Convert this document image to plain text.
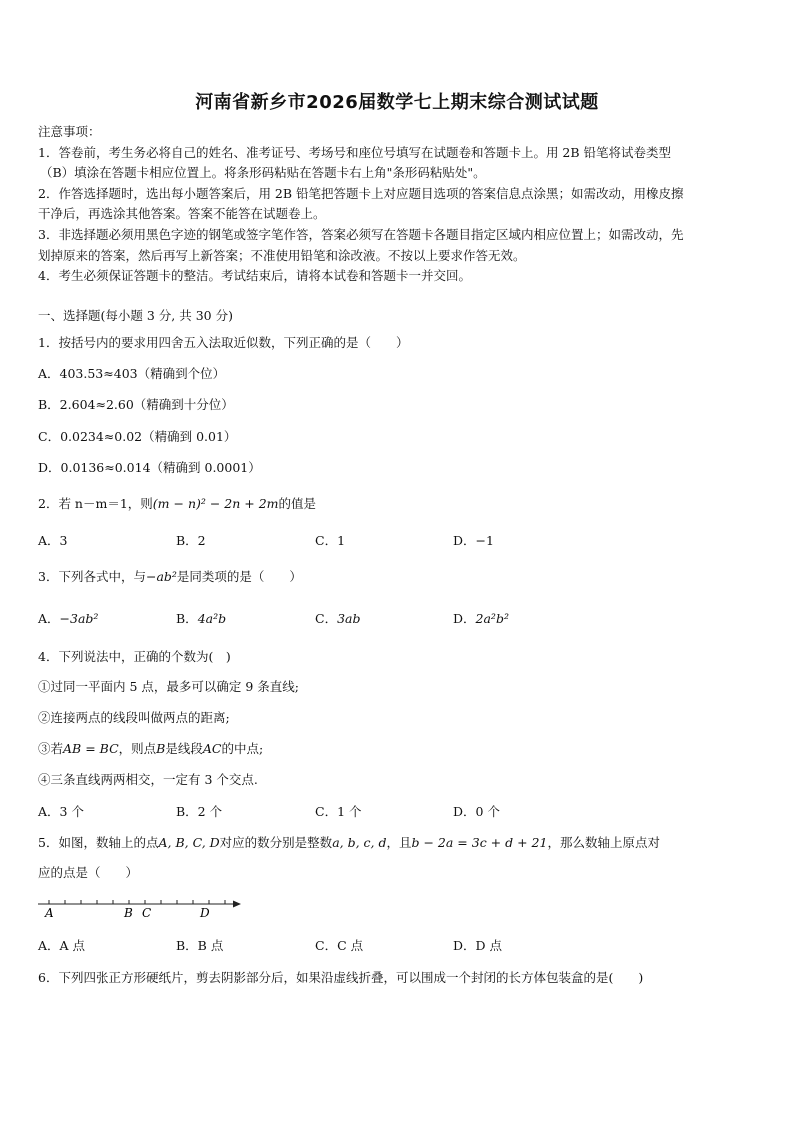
河南省新乡市2026届数学七上期末综合测试试题
注意事项：
1．答卷前，考生务必将自己的姓名、准考证号、考场号和座位号填写在试题卷和答题卡上。用 2B 铅笔将试卷类型
（B）填涂在答题卡相应位置上。将条形码粘贴在答题卡右上角"条形码粘贴处"。
2．作答选择题时，选出每小题答案后，用 2B 铅笔把答题卡上对应题目选项的答案信息点涂黑；如需改动，用橡皮擦
干净后，再选涂其他答案。答案不能答在试题卷上。
3．非选择题必须用黑色字迹的钢笔或签字笔作答，答案必须写在答题卡各题目指定区域内相应位置上；如需改动，先
划掉原来的答案，然后再写上新答案；不准使用铅笔和涂改液。不按以上要求作答无效。
4．考生必须保证答题卡的整洁。考试结束后，请将本试卷和答题卡一并交回。
一、选择题(每小题 3 分, 共 30 分)
1．按括号内的要求用四舍五入法取近似数，下列正确的是（　　）
A．403.53≈403（精确到个位）
B．2.604≈2.60（精确到十分位）
C．0.0234≈0.02（精确到 0.01）
D．0.0136≈0.014（精确到 0.0001）
2．若 n－m＝1，则(m − n)² − 2n + 2m的值是
A．3	B．2	C．1	D．−1
3．下列各式中，与−ab²是同类项的是（　　）
A．−3ab²	B．4a²b	C．3ab	D．2a²b²
4．下列说法中，正确的个数为(　)
①过同一平面内 5 点，最多可以确定 9 条直线;
②连接两点的线段叫做两点的距离;
③若AB = BC，则点B是线段AC的中点;
④三条直线两两相交，一定有 3 个交点.
A．3 个	B．2 个	C．1 个	D．0 个
5．如图，数轴上的点A, B, C, D对应的数分别是整数a, b, c, d，且b − 2a = 3c + d + 21，那么数轴上原点对
应的点是（　　）
A	B C	D
A．A 点	B．B 点	C．C 点	D．D 点
6．下列四张正方形硬纸片，剪去阴影部分后，如果沿虚线折叠，可以围成一个封闭的长方体包装盒的是(　　)
